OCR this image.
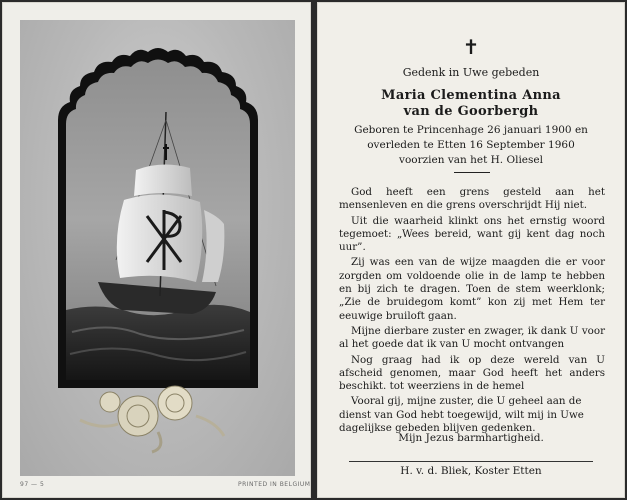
97 — 5	PRINTED IN BELGIUM
✝
Gedenk in Uwe gebeden
Maria Clementina Anna
van de Goorbergh
Geboren te Princenhage 26 januari 1900 en
overleden te Etten 16 September 1960
voorzien van het H. Oliesel

God heeft een grens gesteld aan het mensenleven en die grens overschrijdt Hij niet.

Uit die waarheid klinkt ons het ernstig woord tegemoet: „Wees bereid, want gij kent dag noch uur”.

Zij was een van de wijze maagden die er voor zorgden om voldoende olie in de lamp te hebben en bij zich te dragen. Toen de stem weerklonk; „Zie de bruidegom komt” kon zij met Hem ter eeuwige bruiloft gaan.

Mijne dierbare zuster en zwager, ik dank U voor al het goede dat ik van U mocht ontvangen

Nog graag had ik op deze wereld van U afscheid genomen, maar God heeft het anders beschikt. tot weerziens in de hemel

Vooral gij, mijne zuster, die U geheel aan de dienst van God hebt toegewijd, wilt mij in Uwe dagelijkse gebeden blijven gedenken.

Mijn Jezus barmhartigheid.
H. v. d. Bliek, Koster Etten
